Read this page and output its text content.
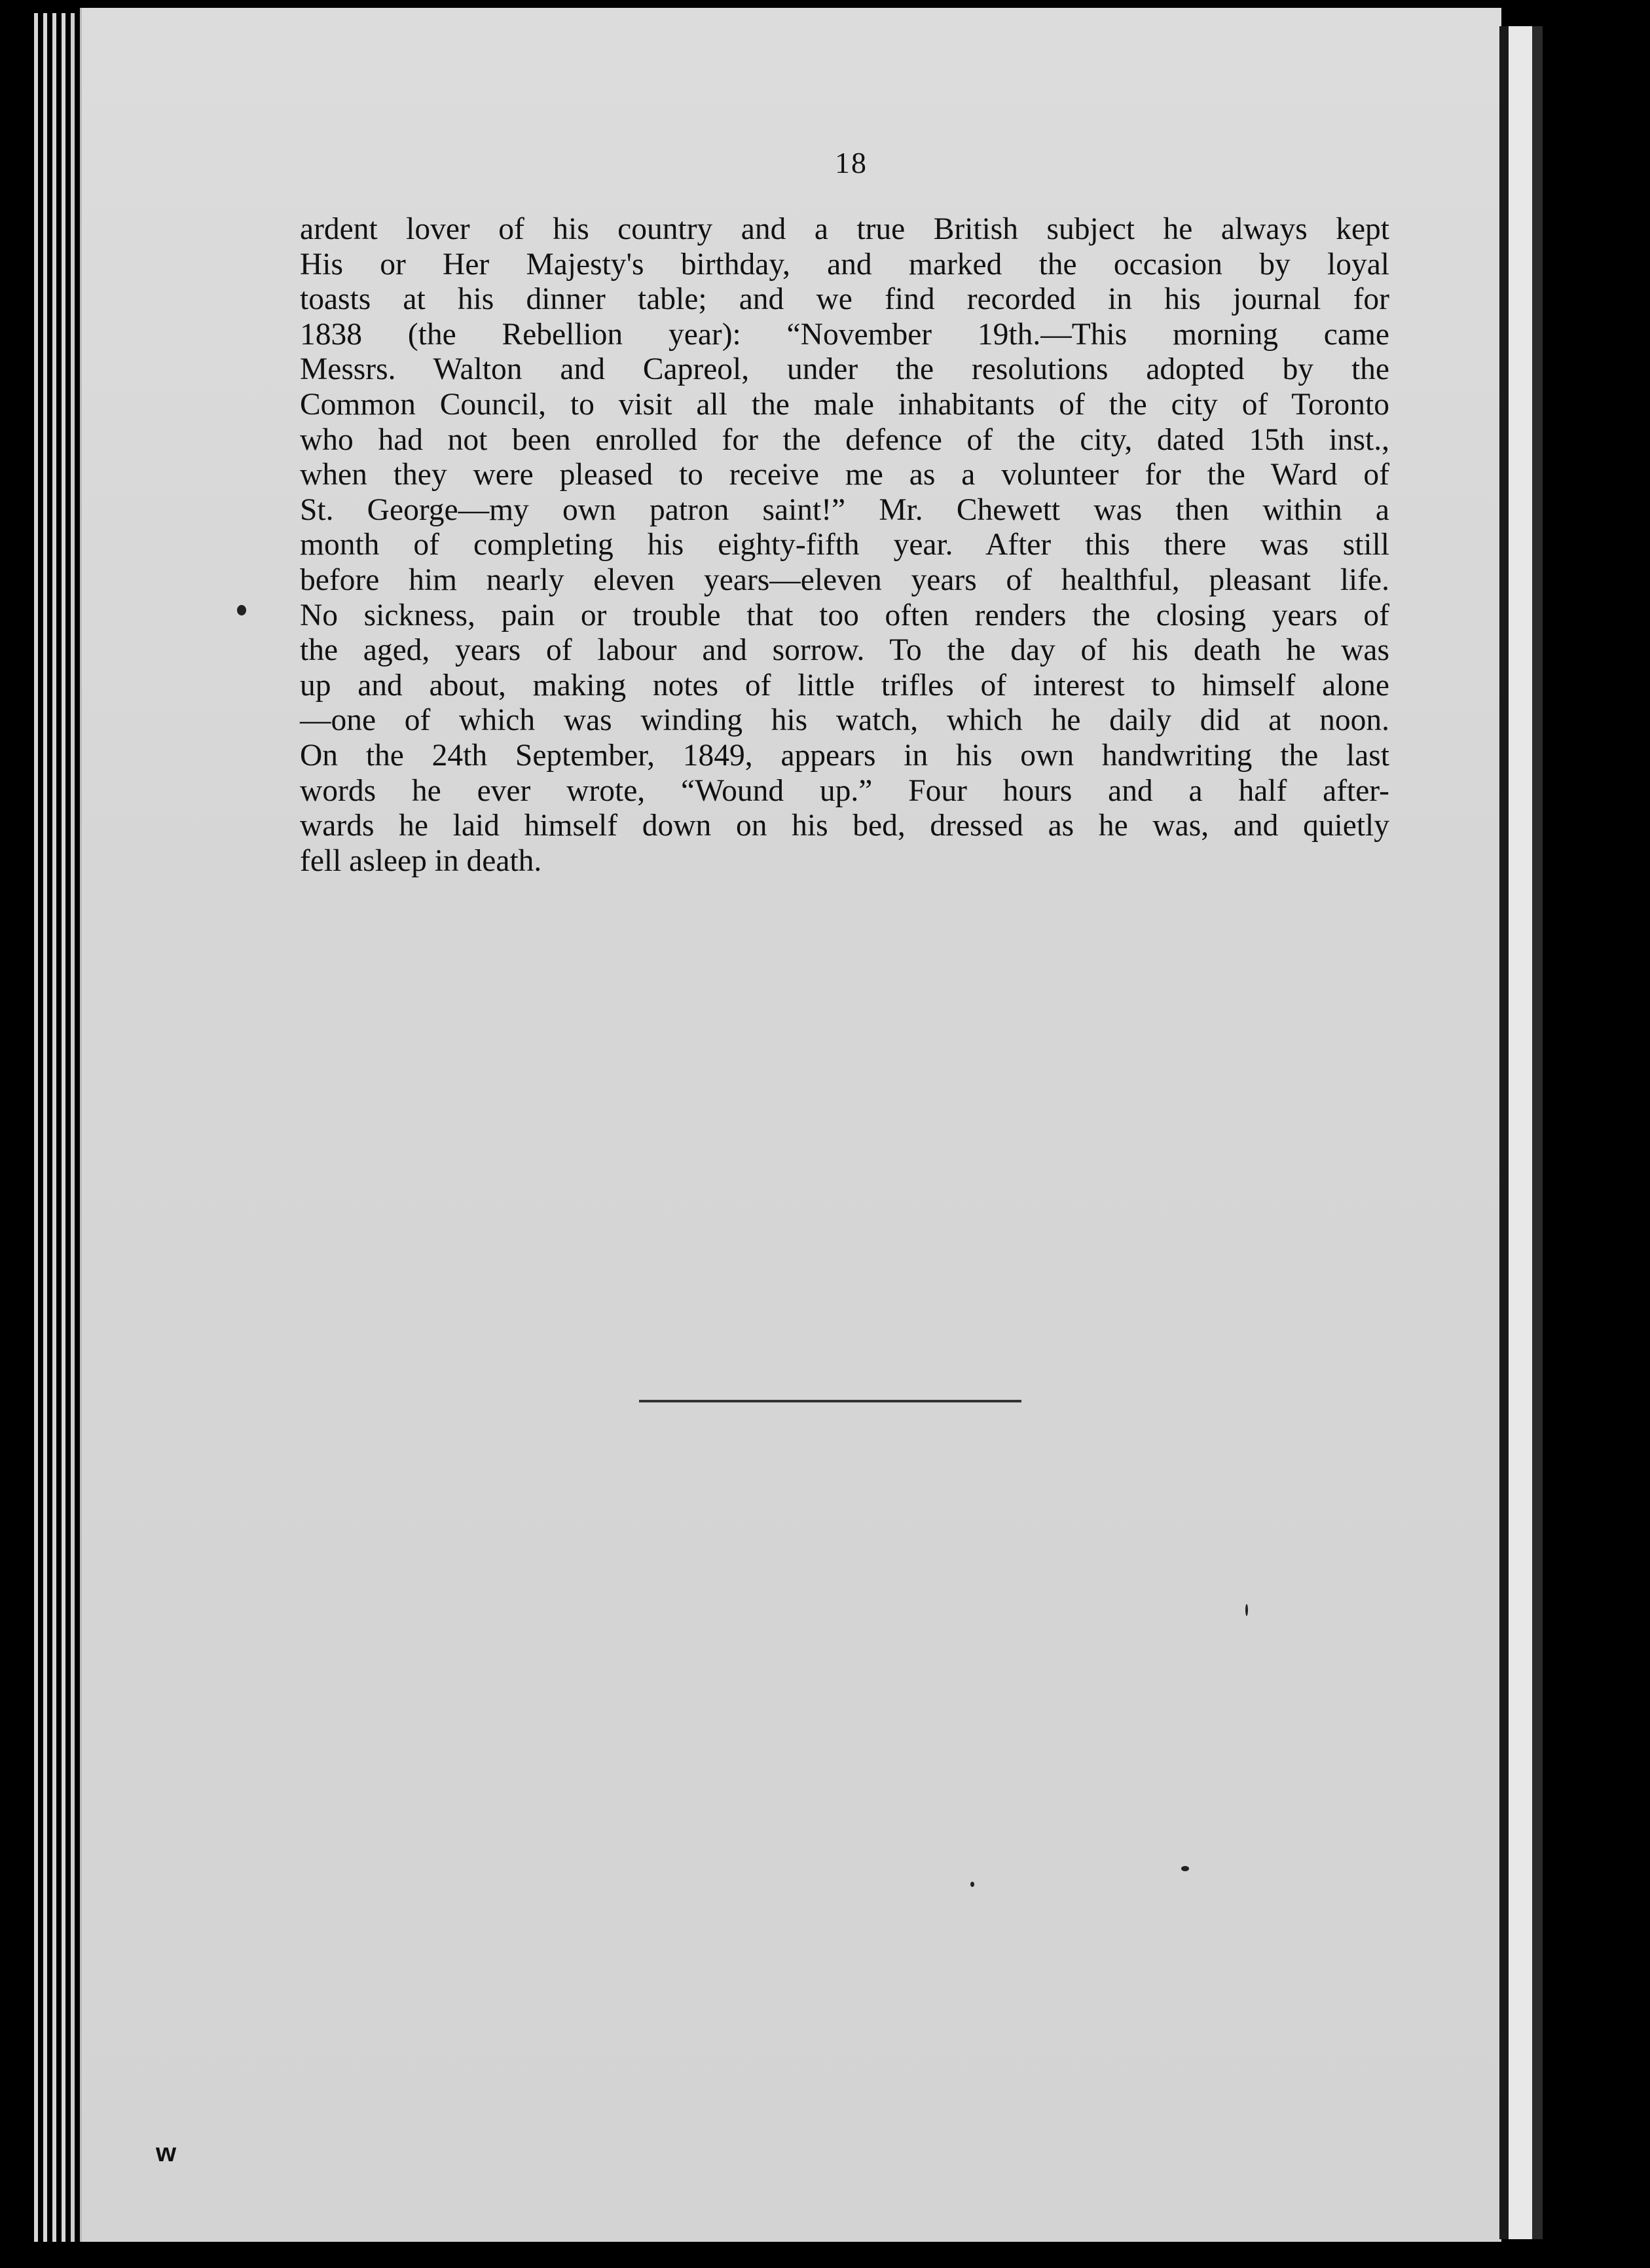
18
ardent lover of his country and a true British subject he always kept
His or Her Majesty's birthday, and marked the occasion by loyal
toasts at his dinner table; and we find recorded in his journal for
1838 (the Rebellion year): “November 19th.—This morning came
Messrs. Walton and Capreol, under the resolutions adopted by the
Common Council, to visit all the male inhabitants of the city of Toronto
who had not been enrolled for the defence of the city, dated 15th inst.,
when they were pleased to receive me as a volunteer for the Ward of
St. George—my own patron saint!” Mr. Chewett was then within a
month of completing his eighty-fifth year. After this there was still
before him nearly eleven years—eleven years of healthful, pleasant life.
No sickness, pain or trouble that too often renders the closing years of
the aged, years of labour and sorrow. To the day of his death he was
up and about, making notes of little trifles of interest to himself alone
—one of which was winding his watch, which he daily did at noon.
On the 24th September, 1849, appears in his own handwriting the last
words he ever wrote, “Wound up.” Four hours and a half after-
wards he laid himself down on his bed, dressed as he was, and quietly
fell asleep in death.
w
